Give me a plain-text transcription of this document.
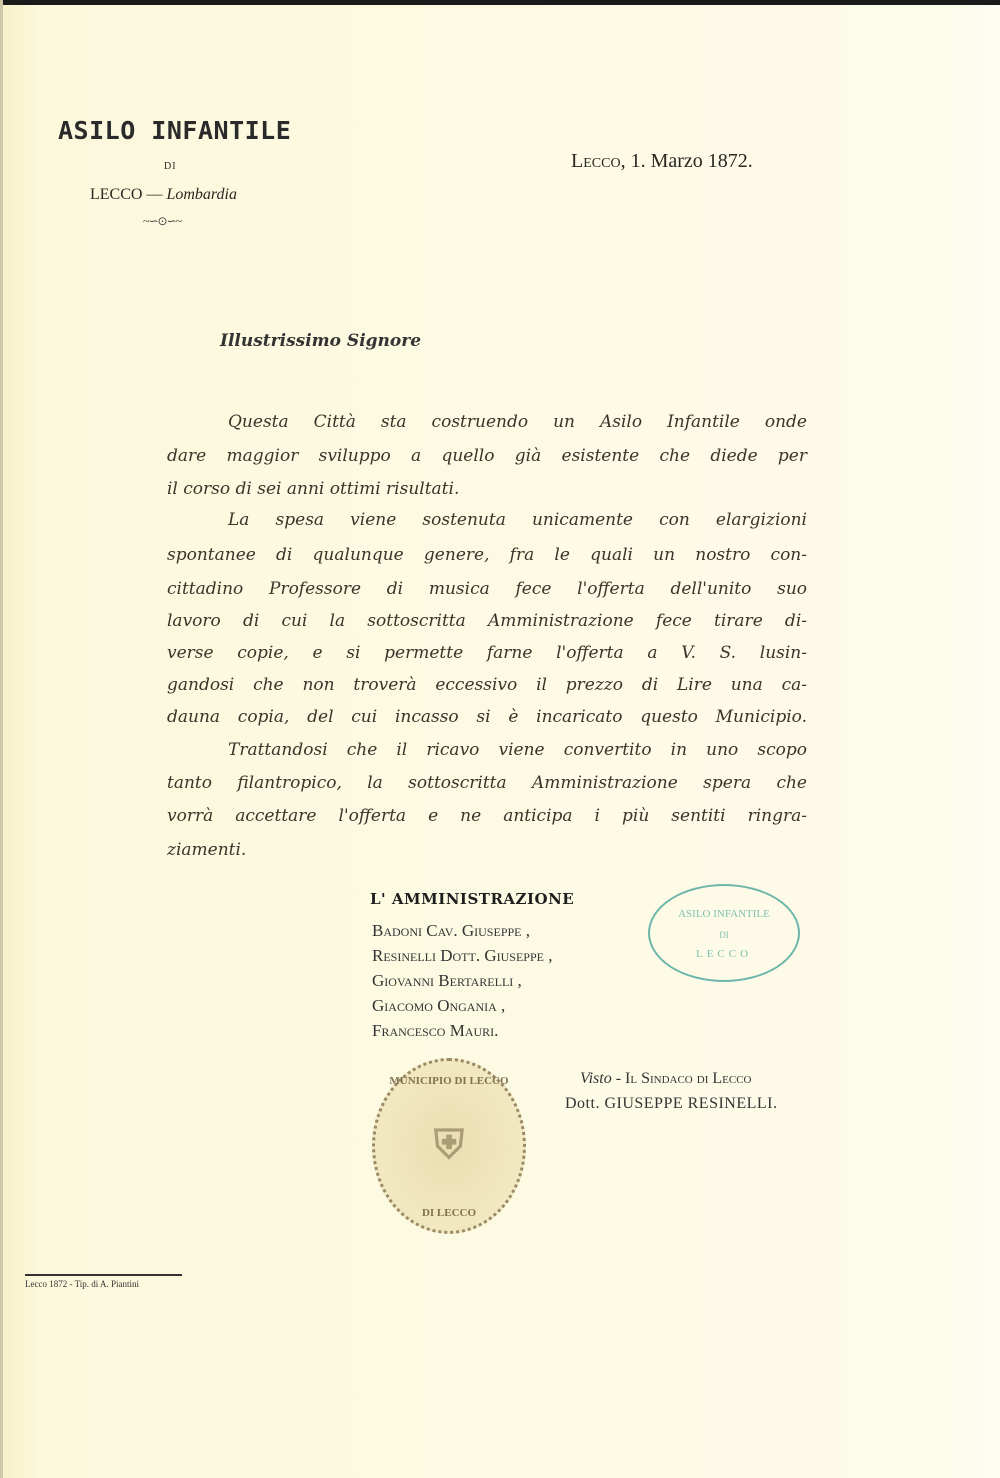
ASILO INFANTILE
DI
LECCO — Lombardia
~∽⊙∽~
Lecco, 1. Marzo 1872.
Illustrissimo Signore
Questa Città sta costruendo un Asilo Infantile onde
dare maggior sviluppo a quello già esistente che diede per
il corso di sei anni ottimi risultati.
La spesa viene sostenuta unicamente con elargizioni
spontanee di qualunque genere, fra le quali un nostro con-
cittadino Professore di musica fece l'offerta dell'unito suo
lavoro di cui la sottoscritta Amministrazione fece tirare di-
verse copie, e si permette farne l'offerta a V. S. lusin-
gandosi che non troverà eccessivo il prezzo di Lire una ca-
dauna copia, del cui incasso si è incaricato questo Municipio.
Trattandosi che il ricavo viene convertito in uno scopo
tanto filantropico, la sottoscritta Amministrazione spera che
vorrà accettare l'offerta e ne anticipa i più sentiti ringra-
ziamenti.
L' AMMINISTRAZIONE
Badoni Cav. Giuseppe ,
Resinelli Dott. Giuseppe ,
Giovanni Bertarelli ,
Giacomo Ongania ,
Francesco Mauri.
ASILO INFANTILE
DI
LECCO
MUNICIPIO DI LECCO
⛨
DI LECCO
Visto - Il Sindaco di Lecco
Dott. GIUSEPPE RESINELLI.
Lecco 1872 - Tip. di A. Piantini
